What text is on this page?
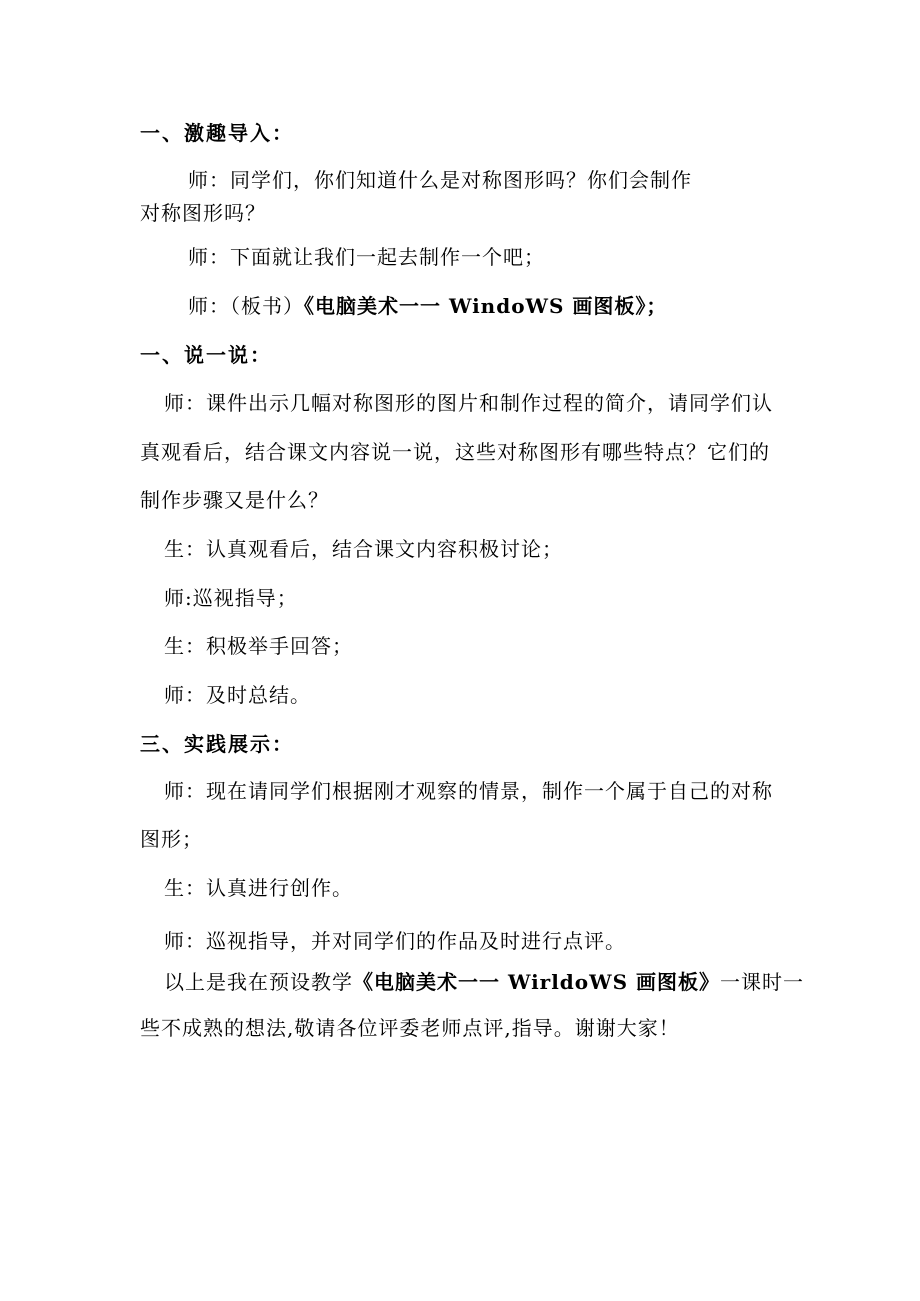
一、激趣导入：
师：同学们，你们知道什么是对称图形吗？你们会制作
对称图形吗？
师：下面就让我们一起去制作一个吧；
师：（板书）《电脑美术一一 WindoWS 画图板》；
一、说一说：
师：课件出示几幅对称图形的图片和制作过程的简介，请同学们认
真观看后，结合课文内容说一说，这些对称图形有哪些特点？它们的
制作步骤又是什么？
生：认真观看后，结合课文内容积极讨论；
师:巡视指导；
生：积极举手回答；
师：及时总结。
三、实践展示：
师：现在请同学们根据刚才观察的情景，制作一个属于自己的对称
图形；
生：认真进行创作。
师：巡视指导，并对同学们的作品及时进行点评。
以上是我在预设教学《电脑美术一一 WirldoWS 画图板》一课时一
些不成熟的想法,敬请各位评委老师点评,指导。谢谢大家！
